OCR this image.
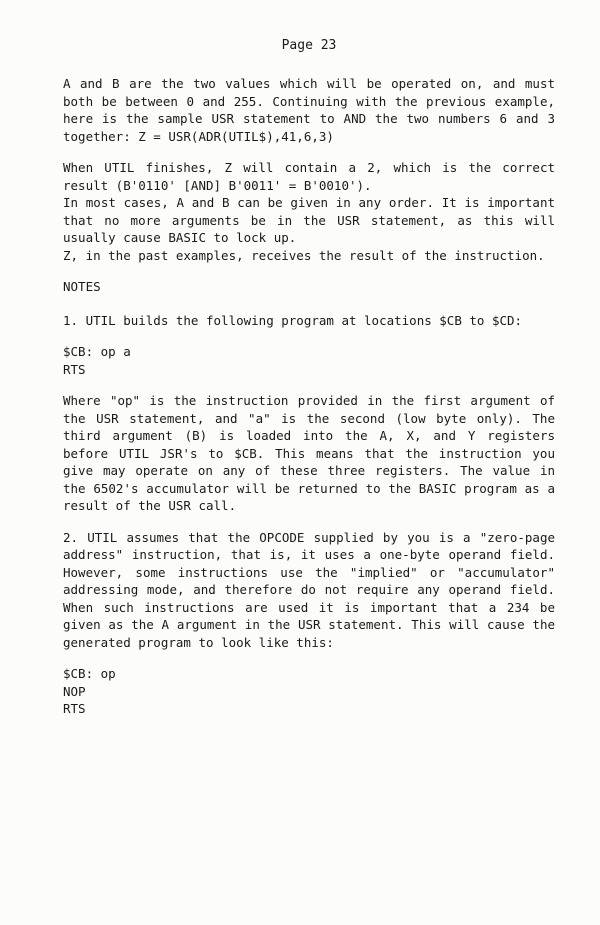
Page 23

A and B are the two values which will be operated on, and must both be between 0 and 255. Continuing with the previous example, here is the sample USR statement to AND the two numbers 6 and 3 together: Z = USR(ADR(UTIL$),41,6,3)

When UTIL finishes, Z will contain a 2, which is the correct result (B'0110' [AND] B'0011' = B'0010').

In most cases, A and B can be given in any order. It is important that no more arguments be in the USR statement, as this will usually cause BASIC to lock up.

Z, in the past examples, receives the result of the instruction.

NOTES

1. UTIL builds the following program at locations $CB to $CD:

$CB: op a
RTS

Where "op" is the instruction provided in the first argument of the USR statement, and "a" is the second (low byte only). The third argument (B) is loaded into the A, X, and Y registers before UTIL JSR's to $CB. This means that the instruction you give may operate on any of these three registers. The value in the 6502's accumulator will be returned to the BASIC program as a result of the USR call.

2. UTIL assumes that the OPCODE supplied by you is a "zero-page address" instruction, that is, it uses a one-byte operand field. However, some instructions use the "implied" or "accumulator" addressing mode, and therefore do not require any operand field. When such instructions are used it is important that a 234 be given as the A argument in the USR statement. This will cause the generated program to look like this:

$CB: op
NOP
RTS
